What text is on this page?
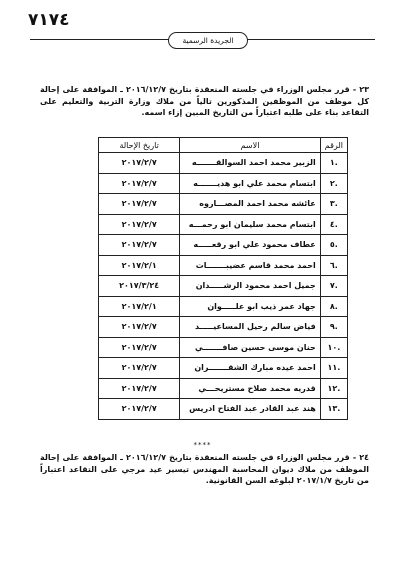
٧١٧٤
الجريدة الرسمية
٢٣ - قرر مجلس الوزراء في جلسته المنعقدة بتاريخ ٢٠١٦/١٢/٧ ـ الموافقة على إحالة كل موظف من الموظفين المذكورين تالياً من ملاك وزارة التربية والتعليم على التقاعد بناء على طلبه اعتباراً من التاريخ المبين إزاء اسمه.
الرقم	الاسم	تاريخ الإحالة
.١	الزبير محمد احمد السوالقـــــــه	٢٠١٧/٢/٧
.٢	ابتسام محمد علي ابو هديـــــــه	٢٠١٧/٢/٧
.٣	عائشه محمد احمد المصـــاروه	٢٠١٧/٢/٧
.٤	ابتسام محمد سليمان ابو رحمـــه	٢٠١٧/٢/٧
.٥	عطاف محمود علي ابو رقعـــــه	٢٠١٧/٢/٧
.٦	احمد محمد قاسم عضيبـــــــات	٢٠١٧/٢/١
.٧	جميل احمد محمود الرشـــــدان	٢٠١٧/٣/٢٤
.٨	جهاد عمر ذيب ابو علـــــوان	٢٠١٧/٢/١
.٩	فياض سالم رحيل المساعيـــــد	٢٠١٧/٢/٧
.١٠	حنان موسى حسين صافـــــــي	٢٠١٧/٢/٧
.١١	احمد عيده مبارك الشقـــــــران	٢٠١٧/٢/٧
.١٢	قدريه محمد صلاح مستريحـــي	٢٠١٧/٢/٧
.١٣	هند عبد القادر عبد الفتاح ادريس	٢٠١٧/٢/٧
****
٢٤ - قرر مجلس الوزراء في جلسته المنعقدة بتاريخ ٢٠١٦/١٢/٧ ـ الموافقة على إحالة الموظف من ملاك ديوان المحاسبة المهندس تيسير عيد مرجي على التقاعد اعتباراً من تاريخ ٢٠١٧/١/٧ لبلوغه السن القانونية.
